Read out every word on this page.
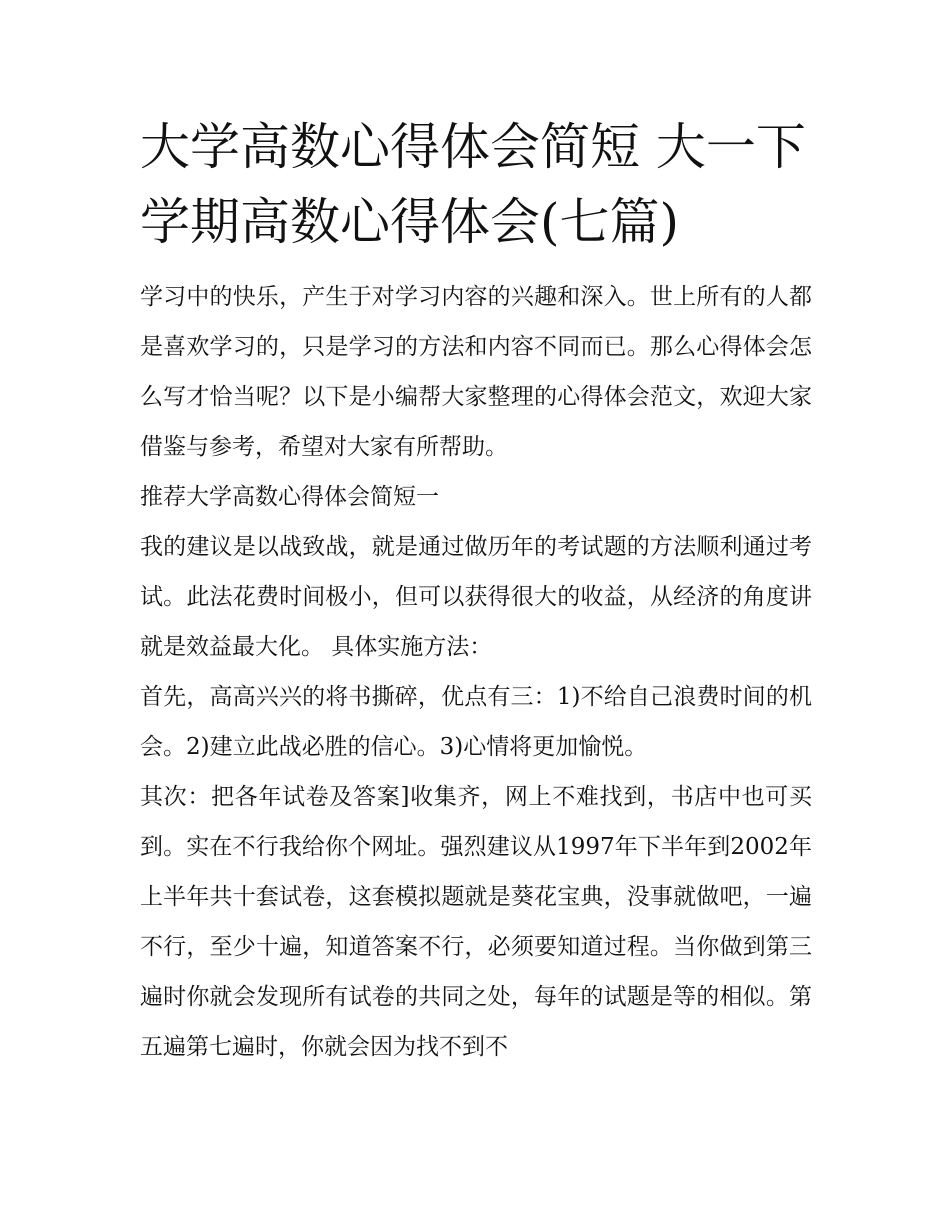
大学高数心得体会简短 大一下学期高数心得体会(七篇)

学习中的快乐，产生于对学习内容的兴趣和深入。世上所有的人都是喜欢学习的，只是学习的方法和内容不同而已。那么心得体会怎么写才恰当呢？以下是小编帮大家整理的心得体会范文，欢迎大家借鉴与参考，希望对大家有所帮助。

推荐大学高数心得体会简短一

我的建议是以战致战，就是通过做历年的考试题的方法顺利通过考试。此法花费时间极小，但可以获得很大的收益，从经济的角度讲就是效益最大化。 具体实施方法：

首先，高高兴兴的将书撕碎，优点有三：1)不给自己浪费时间的机会。2)建立此战必胜的信心。3)心情将更加愉悦。

其次：把各年试卷及答案]收集齐，网上不难找到，书店中也可买到。实在不行我给你个网址。强烈建议从1997年下半年到2002年上半年共十套试卷，这套模拟题就是葵花宝典，没事就做吧，一遍不行，至少十遍，知道答案不行，必须要知道过程。当你做到第三遍时你就会发现所有试卷的共同之处，每年的试题是等的相似。第五遍第七遍时，你就会因为找不到不
